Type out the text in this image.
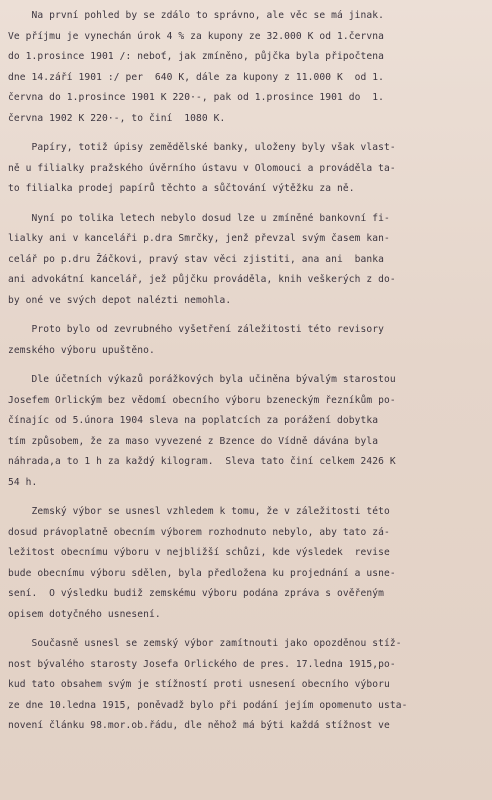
Na první pohled by se zdálo to správno, ale věc se má jinak.
Ve příjmu je vynechán úrok 4 % za kupony ze 32.000 K od 1.června
do 1.prosince 1901 /: neboť, jak zmíněno, půjčka byla připočtena
dne 14.září 1901 :/ per  640 K, dále za kupony z 11.000 K  od 1.
června do 1.prosince 1901 K 220·-, pak od 1.prosince 1901 do  1.
června 1902 K 220·-, to činí  1080 K.
Papíry, totiž úpisy zemědělské banky, uloženy byly však vlast-
ně u filialky pražského úvěrního ústavu v Olomouci a prováděla ta-
to filialka prodej papírů těchto a sůčtování výtěžku za ně.
Nyní po tolika letech nebylo dosud lze u zmíněné bankovní fi-
lialky ani v kanceláři p.dra Smrčky, jenž převzal svým časem kan-
celář po p.dru Žáčkovi, pravý stav věci zjistiti, ana ani  banka
ani advokátní kancelář, jež půjčku prováděla, knih veškerých z do-
by oné ve svých depot nalézti nemohla.
Proto bylo od zevrubného vyšetření záležitosti této revisory
zemského výboru upuštěno.
Dle účetních výkazů porážkových byla učiněna bývalým starostou
Josefem Orlickým bez vědomí obecního výboru bzeneckým řezníkům po-
čínajíc od 5.února 1904 sleva na poplatcích za porážení dobytka
tím způsobem, že za maso vyvezené z Bzence do Vídně dávána byla
náhrada,a to 1 h za každý kilogram.  Sleva tato činí celkem 2426 K
54 h.
Zemský výbor se usnesl vzhledem k tomu, že v záležitosti této
dosud právoplatně obecním výborem rozhodnuto nebylo, aby tato zá-
ležitost obecnímu výboru v nejbližší schůzi, kde výsledek  revise
bude obecnímu výboru sdělen, byla předložena ku projednání a usne-
sení.  O výsledku budiž zemskému výboru podána zpráva s ověřeným
opisem dotyčného usnesení.
Současně usnesl se zemský výbor zamítnouti jako opozděnou stíž-
nost bývalého starosty Josefa Orlického de pres. 17.ledna 1915,po-
kud tato obsahem svým je stížností proti usnesení obecního výboru
ze dne 10.ledna 1915, poněvadž bylo při podání jejím opomenuto usta-
novení článku 98.mor.ob.řádu, dle něhož má býti každá stížnost ve
